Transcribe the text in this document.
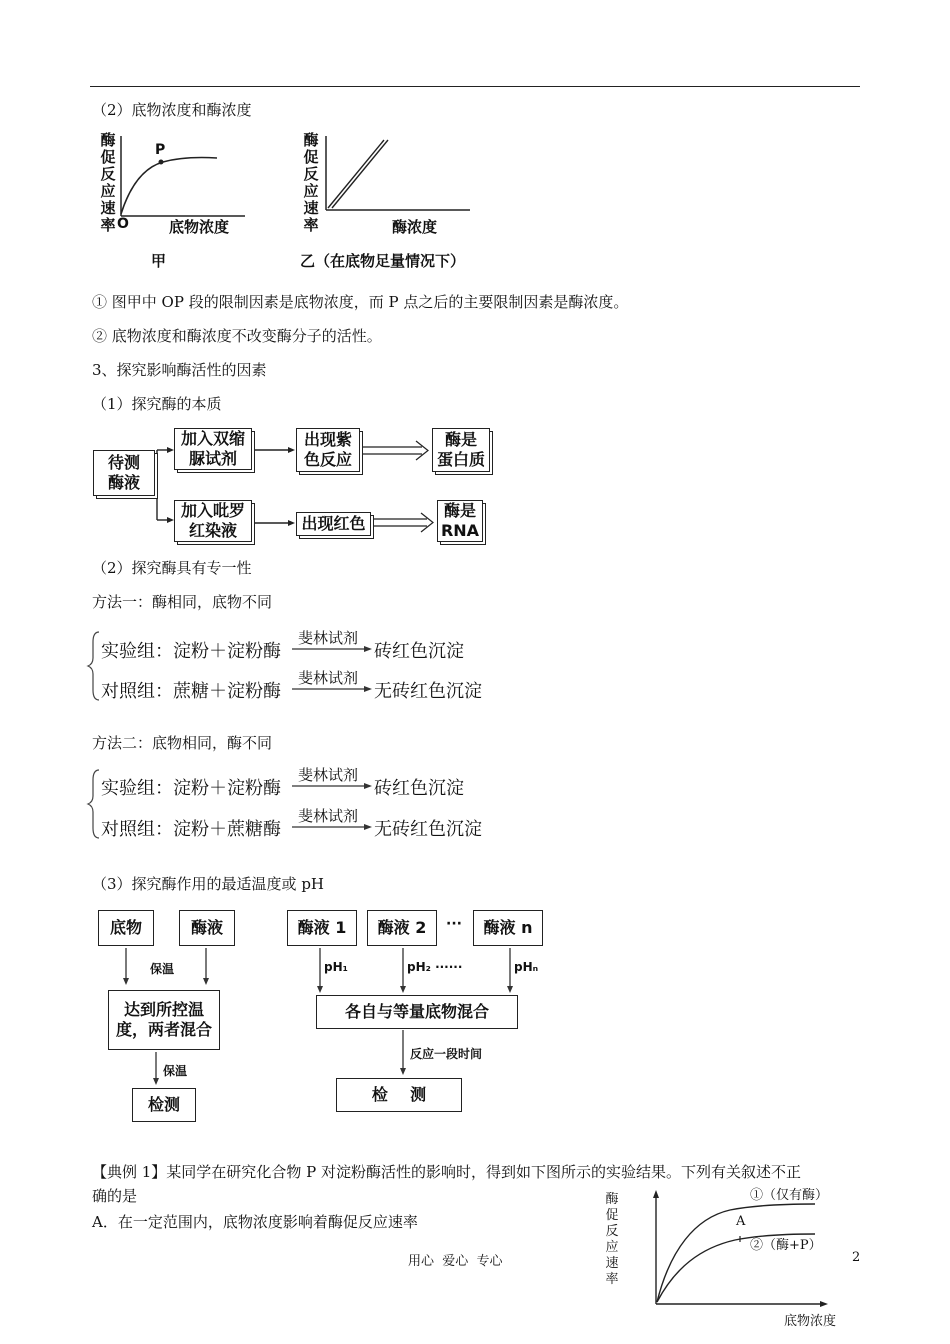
（2）底物浓度和酶浓度
酶
促
反
应
速
率
P
O	底物浓度
甲
酶
促
反
应
速
率	酶浓度
乙（在底物足量情况下）
① 图甲中 OP 段的限制因素是底物浓度，而 P 点之后的主要限制因素是酶浓度。
② 底物浓度和酶浓度不改变酶分子的活性。
3、探究影响酶活性的因素
（1）探究酶的本质
待测
酶液
加入双缩
脲试剂
出现紫
色反应
酶是
蛋白质
加入吡罗
红染液	出现红色
酶是
RNA
（2）探究酶具有专一性
方法一：酶相同，底物不同
实验组：淀粉＋淀粉酶
斐林试剂
砖红色沉淀
对照组：蔗糖＋淀粉酶
斐林试剂
无砖红色沉淀
方法二：底物相同，酶不同
实验组：淀粉＋淀粉酶
斐林试剂
砖红色沉淀
对照组：淀粉＋蔗糖酶
斐林试剂
无砖红色沉淀
（3）探究酶作用的最适温度或 pH
底物	酶液
保温
达到所控温
度，两者混合
保温
检测
酶液 1	酶液 2	···	酶液 n
pH₁	pH₂ ······	pHₙ
各自与等量底物混合
反应一段时间
检    测
【典例 1】某同学在研究化合物 P 对淀粉酶活性的影响时，得到如下图所示的实验结果。下列有关叙述不正
确的是
A．在一定范围内，底物浓度影响着酶促反应速率
酶
促
反
应
速
率
①（仅有酶）
A
②（酶+P）
底物浓度
用心  爱心  专心	2
